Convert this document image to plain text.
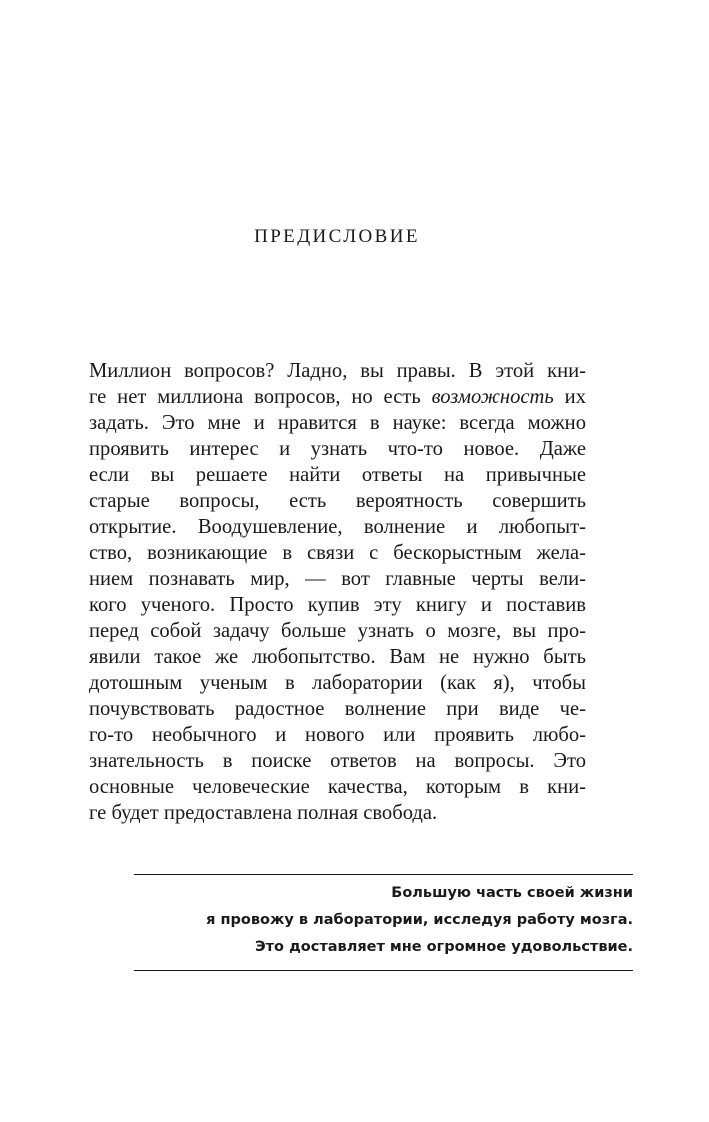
ПРЕДИСЛОВИЕ
Миллион вопросов? Ладно, вы правы. В этой кни-
ге нет миллиона вопросов, но есть возможность их
задать. Это мне и нравится в науке: всегда можно
проявить интерес и узнать что-то новое. Даже
если вы решаете найти ответы на привычные
старые вопросы, есть вероятность совершить
открытие. Воодушевление, волнение и любопыт-
ство, возникающие в связи с бескорыстным жела-
нием познавать мир, — вот главные черты вели-
кого ученого. Просто купив эту книгу и поставив
перед собой задачу больше узнать о мозге, вы про-
явили такое же любопытство. Вам не нужно быть
дотошным ученым в лаборатории (как я), чтобы
почувствовать радостное волнение при виде че-
го-то необычного и нового или проявить любо-
знательность в поиске ответов на вопросы. Это
основные человеческие качества, которым в кни-
ге будет предоставлена полная свобода.
Большую часть своей жизни
я провожу в лаборатории, исследуя работу мозга.
Это доставляет мне огромное удовольствие.
